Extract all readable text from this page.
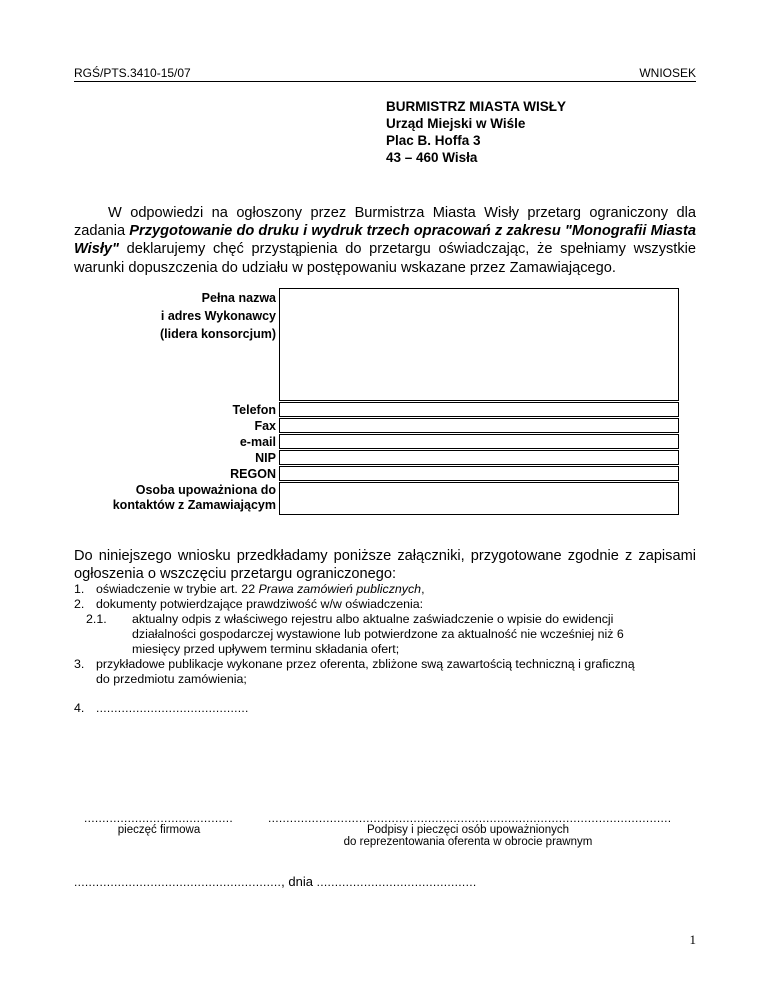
RGŚ/PTS.3410-15/07	WNIOSEK
BURMISTRZ MIASTA WISŁY
Urząd Miejski w Wiśle
Plac B. Hoffa 3
43 – 460 Wisła
W odpowiedzi na ogłoszony przez Burmistrza Miasta Wisły przetarg ograniczony dla zadania Przygotowanie do druku i wydruk trzech opracowań z zakresu "Monografii Miasta Wisły" deklarujemy chęć przystąpienia do przetargu oświadczając, że spełniamy wszystkie warunki dopuszczenia do udziału w postępowaniu wskazane przez Zamawiającego.
Pełna nazwa
i adres Wykonawcy
(lidera konsorcjum)
Telefon
Fax
e-mail
NIP
REGON
Osoba upoważniona do
kontaktów z Zamawiającym
Do niniejszego wniosku przedkładamy poniższe załączniki, przygotowane zgodnie z zapisami ogłoszenia o wszczęciu przetargu ograniczonego:
1. oświadczenie w trybie art. 22 Prawa zamówień publicznych,
2. dokumenty potwierdzające prawdziwość w/w oświadczenia:
2.1. aktualny odpis z właściwego rejestru albo aktualne zaświadczenie o wpisie do ewidencji
działalności gospodarczej wystawione lub potwierdzone za aktualność nie wcześniej niż 6
miesięcy przed upływem terminu składania ofert;
3. przykładowe publikacje wykonane przez oferenta, zbliżone swą zawartością techniczną i graficzną
do przedmiotu zamówienia;
4. ..........................................
.........................................
pieczęć firmowa
...............................................................................................................
Podpisy i pieczęci osób upoważnionych
do reprezentowania oferenta w obrocie prawnym
........................................................., dnia ............................................
1
